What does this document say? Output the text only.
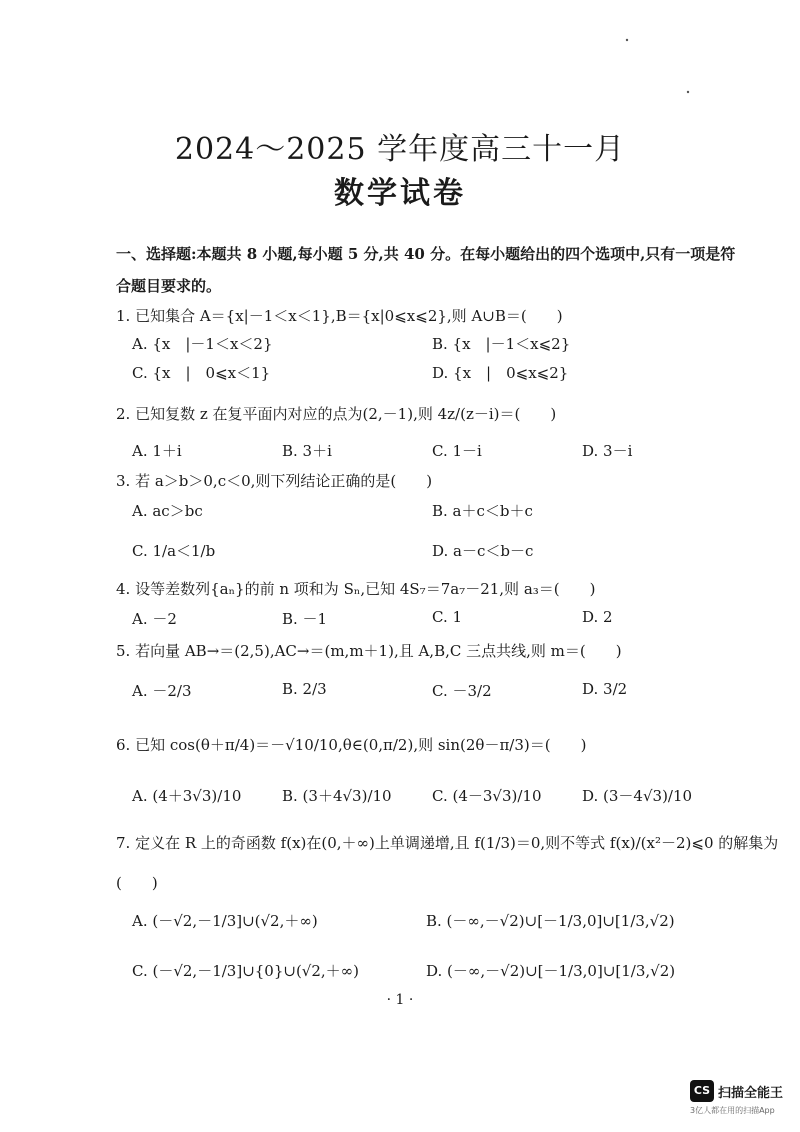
2024～2025 学年度高三十一月
数学试卷
一、选择题:本题共 8 小题,每小题 5 分,共 40 分。在每小题给出的四个选项中,只有一项是符合题目要求的。
1. 已知集合 A＝{x|－1＜x＜1},B＝{x|0⩽x⩽2},则 A∪B＝(　　)
A. {x　|－1＜x＜2}	B. {x　|－1＜x⩽2}
C. {x　|　0⩽x＜1}	D. {x　|　0⩽x⩽2}
2. 已知复数 z 在复平面内对应的点为(2,－1),则 4z/(z－i)＝(　　)
A. 1＋i	B. 3＋i	C. 1－i	D. 3－i
3. 若 a＞b＞0,c＜0,则下列结论正确的是(　　)
A. ac＞bc	B. a＋c＜b＋c
C. 1/a＜1/b	D. a－c＜b－c
4. 设等差数列{aₙ}的前 n 项和为 Sₙ,已知 4S₇＝7a₇－21,则 a₃＝(　　)
A. －2	B. －1	C. 1	D. 2
5. 若向量 AB→＝(2,5),AC→＝(m,m＋1),且 A,B,C 三点共线,则 m＝(　　)
A. －2/3	B. 2/3	C. －3/2	D. 3/2
6. 已知 cos(θ＋π/4)＝－√10/10,θ∈(0,π/2),则 sin(2θ－π/3)＝(　　)
A. (4＋3√3)/10	B. (3＋4√3)/10	C. (4－3√3)/10	D. (3－4√3)/10
7. 定义在 R 上的奇函数 f(x)在(0,＋∞)上单调递增,且 f(1/3)＝0,则不等式 f(x)/(x²－2)⩽0 的解集为
(　　)
A. (－√2,－1/3]∪(√2,＋∞)	B. (－∞,－√2)∪[－1/3,0]∪[1/3,√2)
C. (－√2,－1/3]∪{0}∪(√2,＋∞)	D. (－∞,－√2)∪[－1/3,0]∪[1/3,√2)
· 1 ·
CS 扫描全能王
3亿人都在用的扫描App
